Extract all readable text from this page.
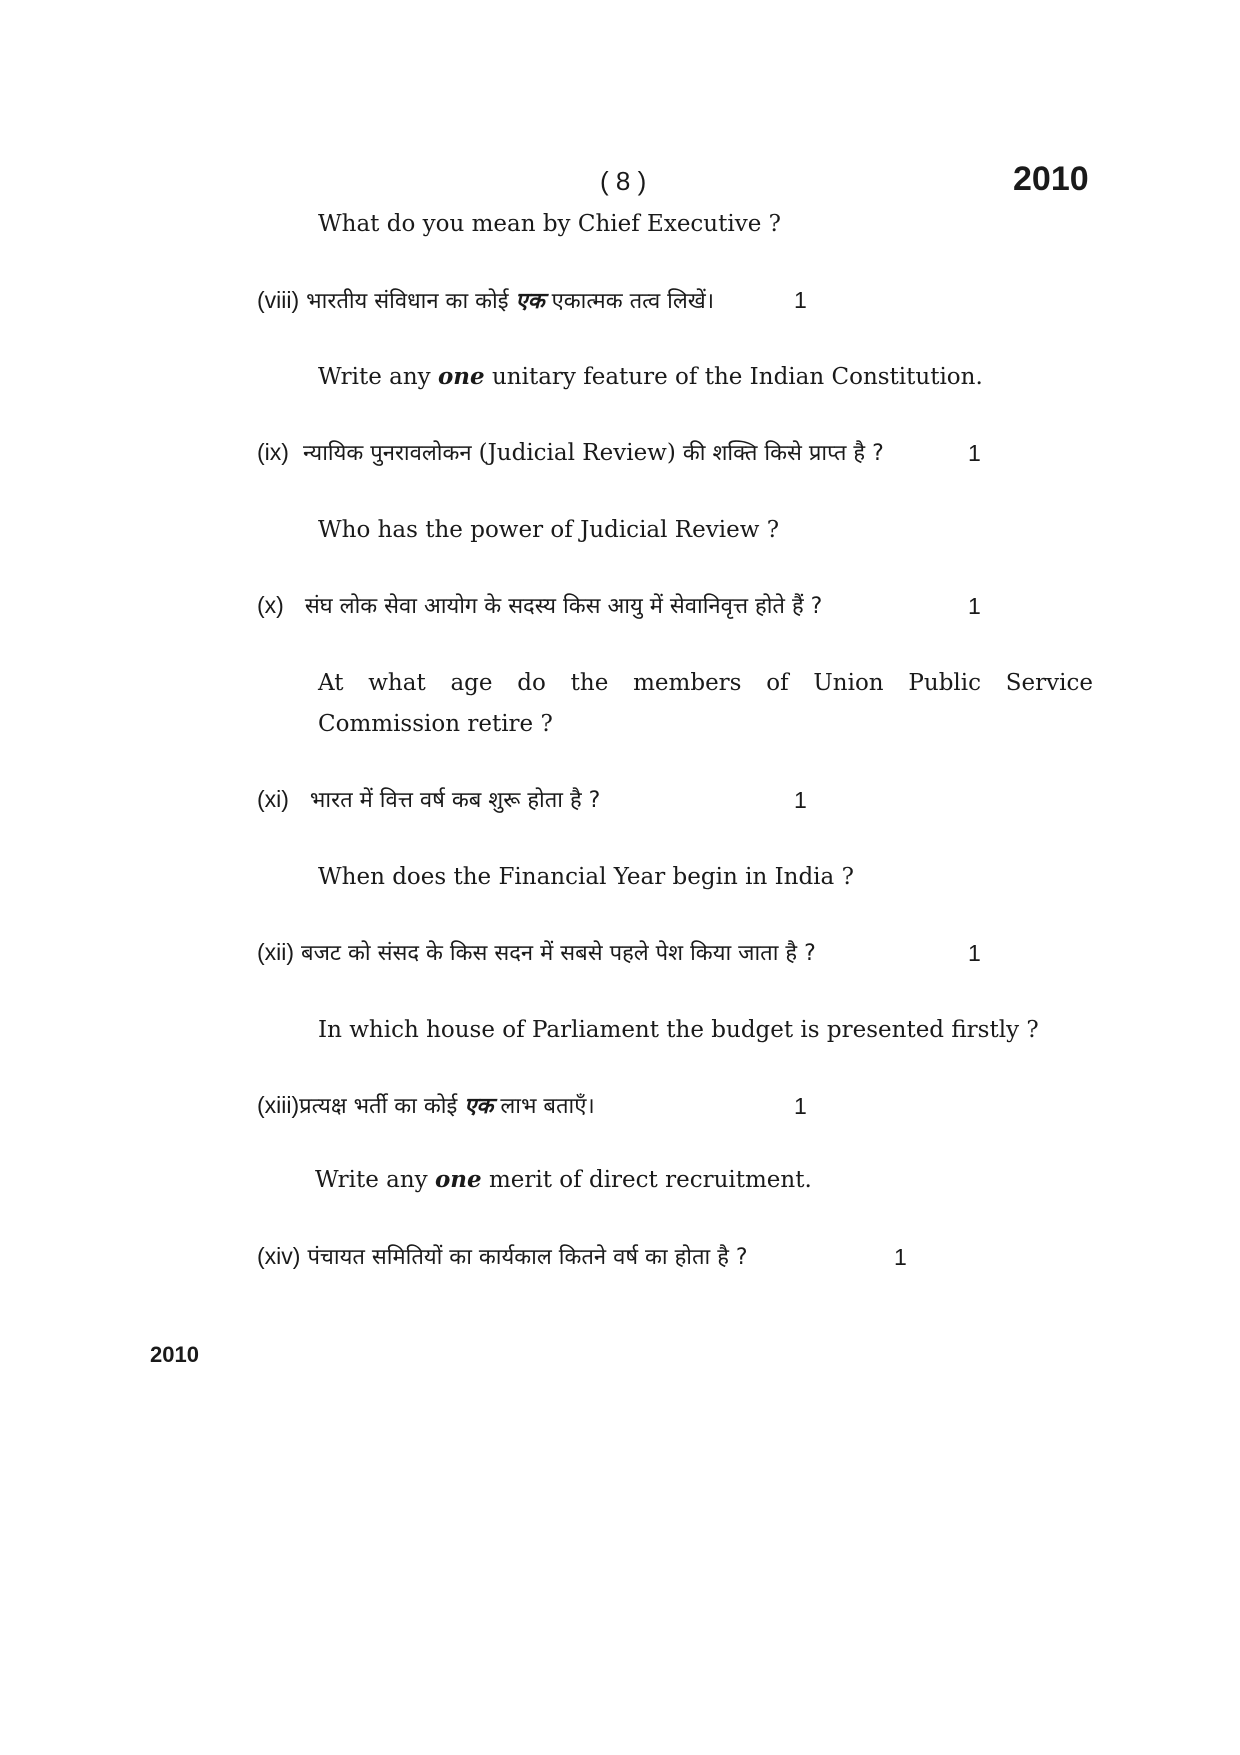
( 8 )	2010
What do you mean by Chief Executive ?
(viii) भारतीय संविधान का कोई एक एकात्मक तत्व लिखें।	1
Write any one unitary feature of the Indian Constitution.
(ix) न्यायिक पुनरावलोकन (Judicial Review) की शक्ति किसे प्राप्त है ?	1
Who has the power of Judicial Review ?
(x) संघ लोक सेवा आयोग के सदस्य किस आयु में सेवानिवृत्त होते हैं ?	1
At what age do the members of Union Public Service
Commission retire ?
(xi) भारत में वित्त वर्ष कब शुरू होता है ?	1
When does the Financial Year begin in India ?
(xii) बजट को संसद के किस सदन में सबसे पहले पेश किया जाता है ?	1
In which house of Parliament the budget is presented firstly ?
(xiii)प्रत्यक्ष भर्ती का कोई एक लाभ बताएँ।	1
Write any one merit of direct recruitment.
(xiv) पंचायत समितियों का कार्यकाल कितने वर्ष का होता है ?	1
2010
